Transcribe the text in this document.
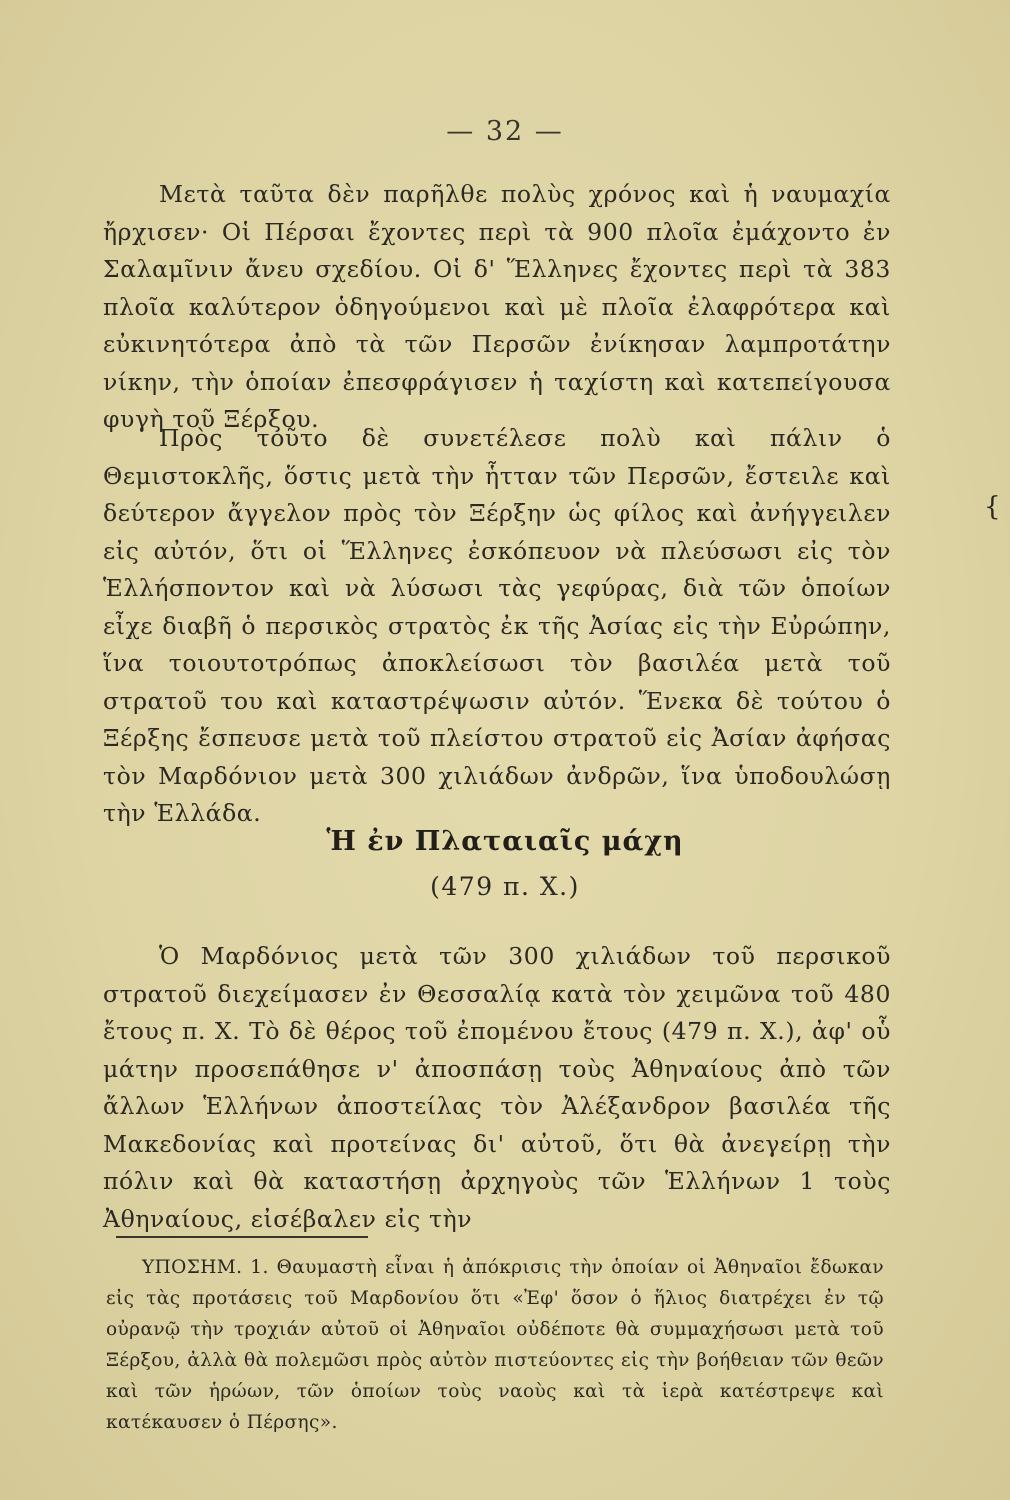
— 32 —

Μετὰ ταῦτα δὲν παρῆλθε πολὺς χρόνος καὶ ἡ ναυμαχία ἤρχισεν· Οἱ Πέρσαι ἔχοντες περὶ τὰ 900 πλοῖα ἐμάχοντο ἐν Σαλαμῖνιν ἄνευ σχεδίου. Οἱ δ' Ἕλληνες ἔχοντες περὶ τὰ 383 πλοῖα καλύτερον ὁδηγούμενοι καὶ μὲ πλοῖα ἐλαφρότερα καὶ εὐκινητότερα ἀπὸ τὰ τῶν Περσῶν ἐνίκησαν λαμπροτάτην νίκην, τὴν ὁποίαν ἐπεσφράγισεν ἡ ταχίστη καὶ κατεπείγουσα φυγὴ τοῦ Ξέρξου.

Πρὸς τοῦτο δὲ συνετέλεσε πολὺ καὶ πάλιν ὁ Θεμιστοκλῆς, ὅστις μετὰ τὴν ἧτταν τῶν Περσῶν, ἔστειλε καὶ δεύτερον ἄγγελον πρὸς τὸν Ξέρξην ὡς φίλος καὶ ἀνήγγειλεν εἰς αὐτόν, ὅτι οἱ Ἕλληνες ἐσκόπευον νὰ πλεύσωσι εἰς τὸν Ἑλλήσποντον καὶ νὰ λύσωσι τὰς γεφύρας, διὰ τῶν ὁποίων εἶχε διαβῆ ὁ περσικὸς στρατὸς ἐκ τῆς Ἀσίας εἰς τὴν Εὐρώπην, ἵνα τοιουτοτρόπως ἀποκλείσωσι τὸν βασιλέα μετὰ τοῦ στρατοῦ του καὶ καταστρέψωσιν αὐτόν. Ἕνεκα δὲ τούτου ὁ Ξέρξης ἔσπευσε μετὰ τοῦ πλείστου στρατοῦ εἰς Ἀσίαν ἀφήσας τὸν Μαρδόνιον μετὰ 300 χιλιάδων ἀνδρῶν, ἵνα ὑποδουλώσῃ τὴν Ἑλλάδα.

Ἡ ἐν Πλαταιαῖς μάχη
(479 π. Χ.)

Ὁ Μαρδόνιος μετὰ τῶν 300 χιλιάδων τοῦ περσικοῦ στρατοῦ διεχείμασεν ἐν Θεσσαλίᾳ κατὰ τὸν χειμῶνα τοῦ 480 ἔτους π. Χ. Τὸ δὲ θέρος τοῦ ἐπομένου ἔτους (479 π. Χ.), ἀφ' οὗ μάτην προσεπάθησε ν' ἀποσπάσῃ τοὺς Ἀθηναίους ἀπὸ τῶν ἄλλων Ἑλλήνων ἀποστείλας τὸν Ἀλέξανδρον βασιλέα τῆς Μακεδονίας καὶ προτείνας δι' αὐτοῦ, ὅτι θὰ ἀνεγείρῃ τὴν πόλιν καὶ θὰ καταστήσῃ ἀρχηγοὺς τῶν Ἑλλήνων 1 τοὺς Ἀθηναίους, εἰσέβαλεν εἰς τὴν

ΥΠΟΣΗΜ. 1. Θαυμαστὴ εἶναι ἡ ἀπόκρισις τὴν ὁποίαν οἱ Ἀθηναῖοι ἔδωκαν εἰς τὰς προτάσεις τοῦ Μαρδονίου ὅτι «Ἐφ' ὅσον ὁ ἥλιος διατρέχει ἐν τῷ οὐρανῷ τὴν τροχιάν αὐτοῦ οἱ Ἀθηναῖοι οὐδέποτε θὰ συμμαχήσωσι μετὰ τοῦ Ξέρξου, ἀλλὰ θὰ πολεμῶσι πρὸς αὐτὸν πιστεύοντες εἰς τὴν βοήθειαν τῶν θεῶν καὶ τῶν ἡρώων, τῶν ὁποίων τοὺς ναοὺς καὶ τὰ ἱερὰ κατέστρεψε καὶ κατέκαυσεν ὁ Πέρσης».

{
